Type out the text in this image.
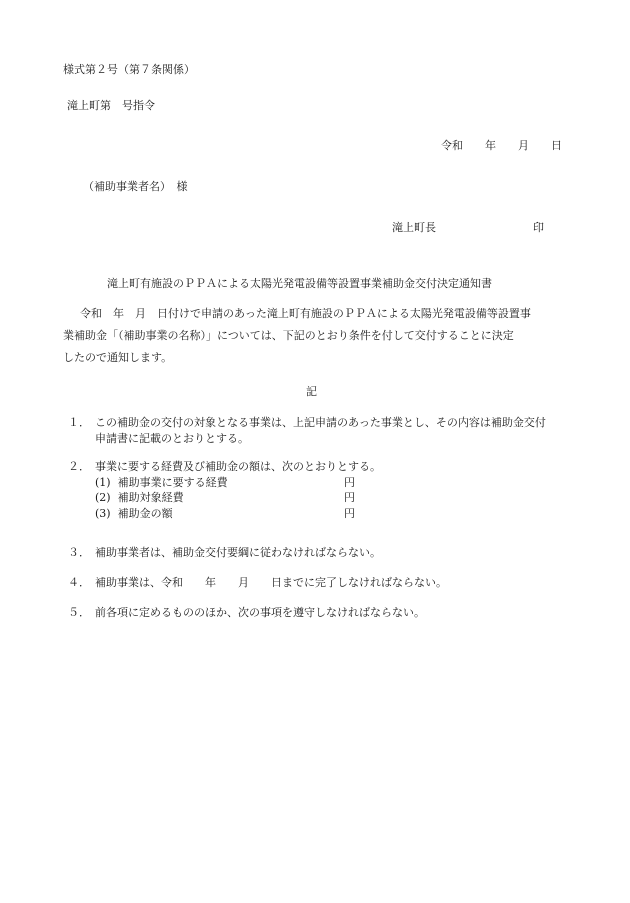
様式第２号（第７条関係）
滝上町第　号指令
令和　　年　　月　　日
（補助事業者名）　様
滝上町長	印
滝上町有施設のＰＰＡによる太陽光発電設備等設置事業補助金交付決定通知書
令和　年　月　日付けで申請のあった滝上町有施設のＰＰＡによる太陽光発電設備等設置事
業補助金「（補助事業の名称）」については、下記のとおり条件を付して交付することに決定
したので通知します。
記
１． この補助金の交付の対象となる事業は、上記申請のあった事業とし、その内容は補助金交付
申請書に記載のとおりとする。
２． 事業に要する経費及び補助金の額は、次のとおりとする。
(1)  補助事業に要する経費	円
(2)  補助対象経費	円
(3)  補助金の額	円
３． 補助事業者は、補助金交付要綱に従わなければならない。
４． 補助事業は、令和　　年　　月　　日までに完了しなければならない。
５． 前各項に定めるもののほか、次の事項を遵守しなければならない。
